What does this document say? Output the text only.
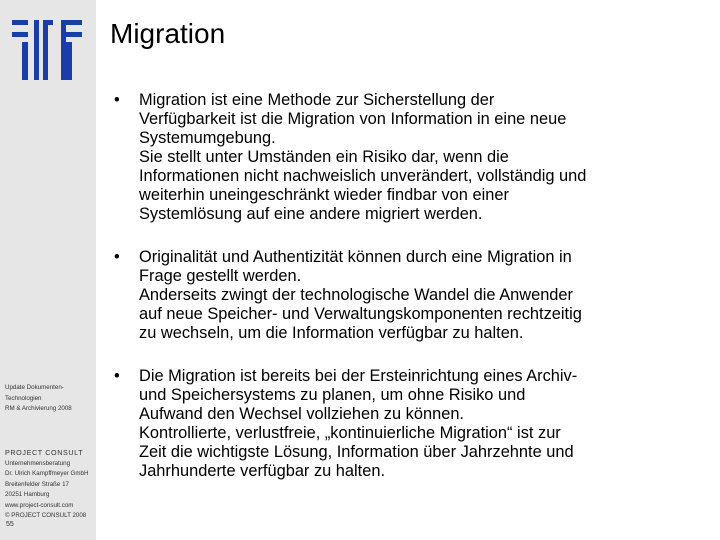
Update Dokumenten-
Technologien
RM & Archivierung 2008
PROJECT CONSULT
Unternehmensberatung
Dr. Ulrich Kampffmeyer GmbH
Breitenfelder Straße 17
20251 Hamburg
www.project-consult.com
© PROJECT CONSULT 2008
55
Migration
• Migration ist eine Methode zur Sicherstellung der
Verfügbarkeit ist die Migration von Information in eine neue
Systemumgebung.
Sie stellt unter Umständen ein Risiko dar, wenn die
Informationen nicht nachweislich unverändert, vollständig und
weiterhin uneingeschränkt wieder findbar von einer
Systemlösung auf eine andere migriert werden.
• Originalität und Authentizität können durch eine Migration in
Frage gestellt werden.
Anderseits zwingt der technologische Wandel die Anwender
auf neue Speicher- und Verwaltungskomponenten rechtzeitig
zu wechseln, um die Information verfügbar zu halten.
• Die Migration ist bereits bei der Ersteinrichtung eines Archiv-
und Speichersystems zu planen, um ohne Risiko und
Aufwand den Wechsel vollziehen zu können.
Kontrollierte, verlustfreie, „kontinuierliche Migration“ ist zur
Zeit die wichtigste Lösung, Information über Jahrzehnte und
Jahrhunderte verfügbar zu halten.
